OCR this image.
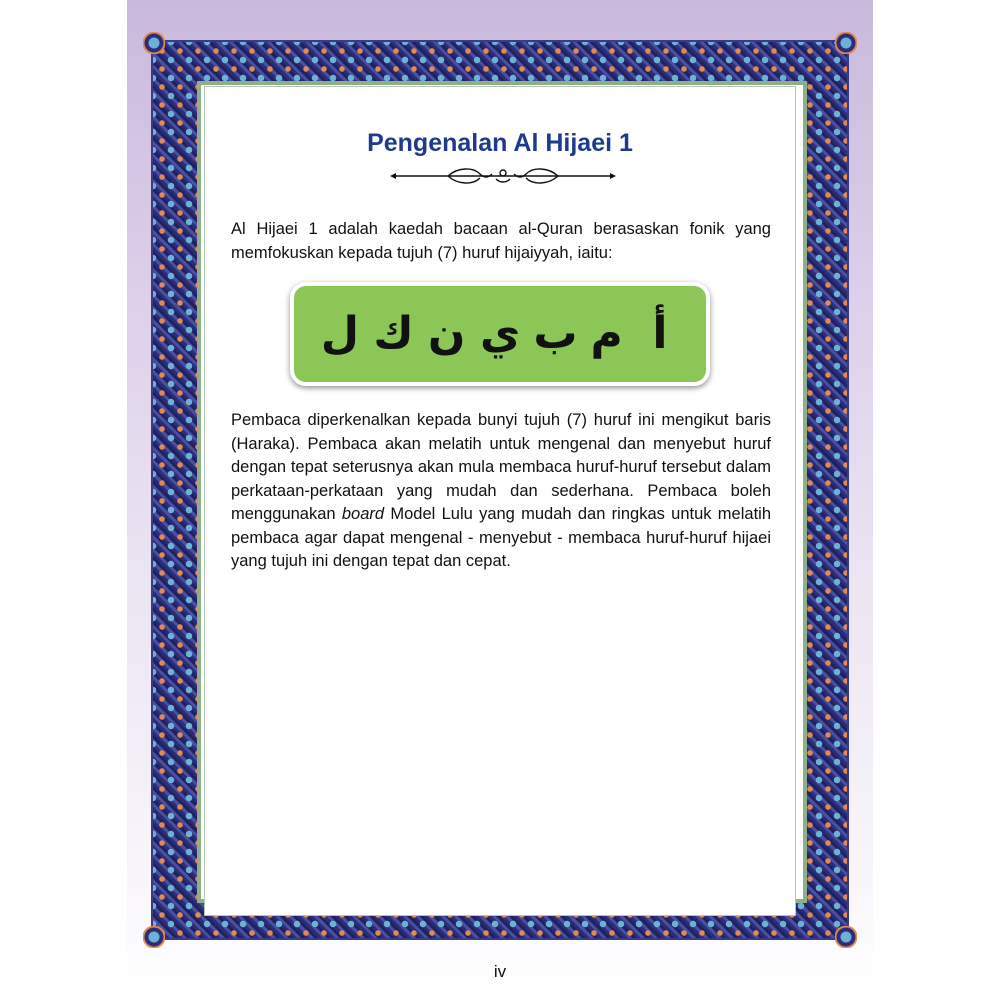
Pengenalan Al Hijaei 1

Al Hijaei 1 adalah kaedah bacaan al-Quran berasaskan fonik yang memfokuskan kepada tujuh (7) huruf hijaiyyah, iaitu:

أ
م
ب
ي
ن
ك
ل

Pembaca diperkenalkan kepada bunyi tujuh (7) huruf ini mengikut baris (Haraka). Pembaca akan melatih untuk mengenal dan menyebut huruf dengan tepat seterusnya akan mula membaca huruf-huruf tersebut dalam perkataan-perkataan yang mudah dan sederhana. Pembaca boleh menggunakan board Model Lulu yang mudah dan ringkas untuk melatih pembaca agar dapat mengenal - menyebut - membaca huruf-huruf hijaei yang tujuh ini dengan tepat dan cepat.

iv
